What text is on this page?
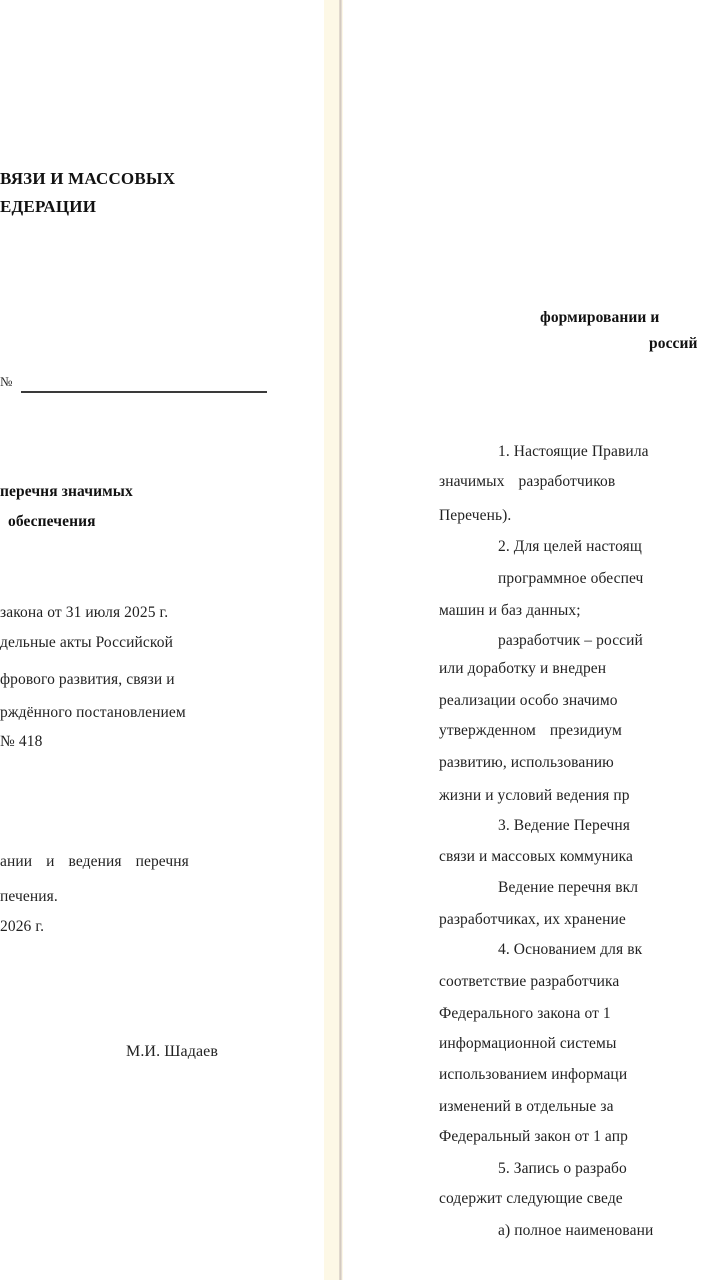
ВЯЗИ И МАССОВЫХ
ЕДЕРАЦИИ
№
перечня значимых
обеспечения
закона от 31 июля 2025 г.
дельные акты Российской
фрового развития, связи и
рждённого постановлением
№ 418
ании и ведения перечня
печения.
2026 г.
М.И. Шадаев
формировании и
россий
1. Настоящие Правила
значимых разработчиков
Перечень).
2. Для целей настоящ
программное обеспеч
машин и баз данных;
разработчик – россий
или доработку и внедрен
реализации особо значимо
утвержденном президиум
развитию, использованию
жизни и условий ведения пр
3. Ведение Перечня
связи и массовых коммуника
Ведение перечня вкл
разработчиках, их хранение
4. Основанием для вк
соответствие разработчика
Федерального закона от 1
информационной системы
использованием информаци
изменений в отдельные за
Федеральный закон от 1 апр
5. Запись о разрабо
содержит следующие сведе
а) полное наименовани
